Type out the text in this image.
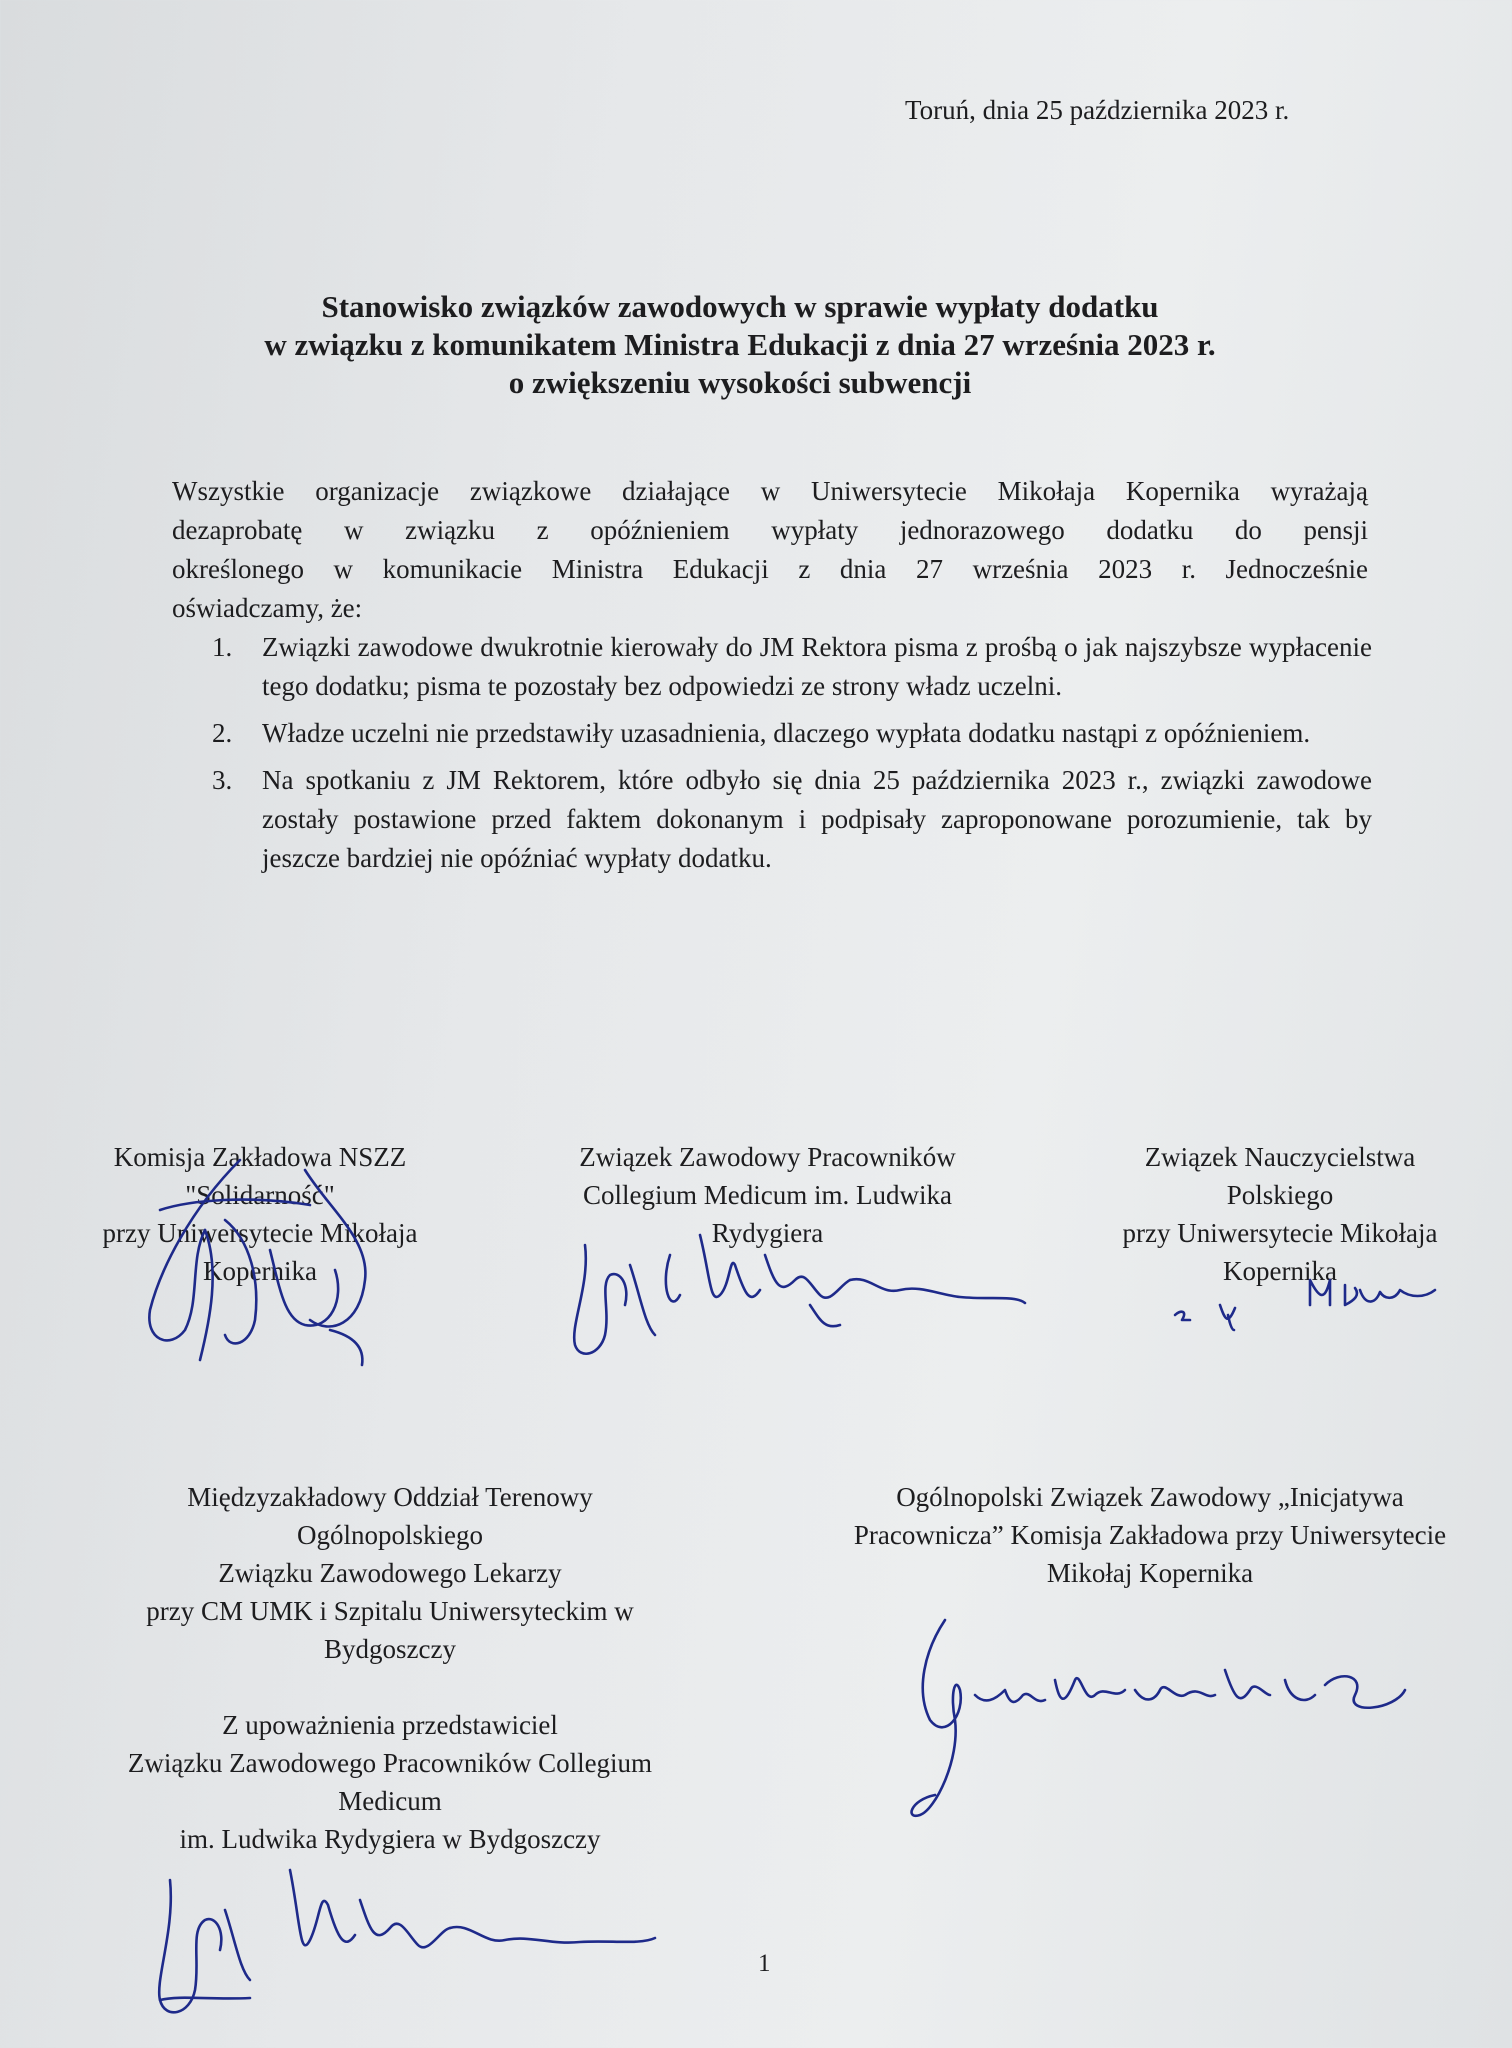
Toruń, dnia 25 października 2023 r.
Stanowisko związków zawodowych w sprawie wypłaty dodatku
w związku z komunikatem Ministra Edukacji z dnia 27 września 2023 r.
o zwiększeniu wysokości subwencji
Wszystkie organizacje związkowe działające w Uniwersytecie Mikołaja Kopernika wyrażają
dezaprobatę w związku z opóźnieniem wypłaty jednorazowego dodatku do pensji
określonego w komunikacie Ministra Edukacji z dnia 27 września 2023 r. Jednocześnie
oświadczamy, że:
1. Związki zawodowe dwukrotnie kierowały do JM Rektora pisma z prośbą o jak najszybsze wypłacenie tego dodatku; pisma te pozostały bez odpowiedzi ze strony władz uczelni.
2. Władze uczelni nie przedstawiły uzasadnienia, dlaczego wypłata dodatku nastąpi z opóźnieniem.
3. Na spotkaniu z JM Rektorem, które odbyło się dnia 25 października 2023 r., związki zawodowe zostały postawione przed faktem dokonanym i podpisały zaproponowane porozumienie, tak by jeszcze bardziej nie opóźniać wypłaty dodatku.
Komisja Zakładowa NSZZ
"Solidarność"
przy Uniwersytecie Mikołaja
Kopernika
Związek Zawodowy Pracowników
Collegium Medicum im. Ludwika
Rydygiera
Związek Nauczycielstwa
Polskiego
przy Uniwersytecie Mikołaja
Kopernika
Międzyzakładowy Oddział Terenowy
Ogólnopolskiego
Związku Zawodowego Lekarzy
przy CM UMK i Szpitalu Uniwersyteckim w
Bydgoszczy
Z upoważnienia przedstawiciel
Związku Zawodowego Pracowników Collegium
Medicum
im. Ludwika Rydygiera w Bydgoszczy
Ogólnopolski Związek Zawodowy „Inicjatywa
Pracownicza” Komisja Zakładowa przy Uniwersytecie
Mikołaj Kopernika
1
